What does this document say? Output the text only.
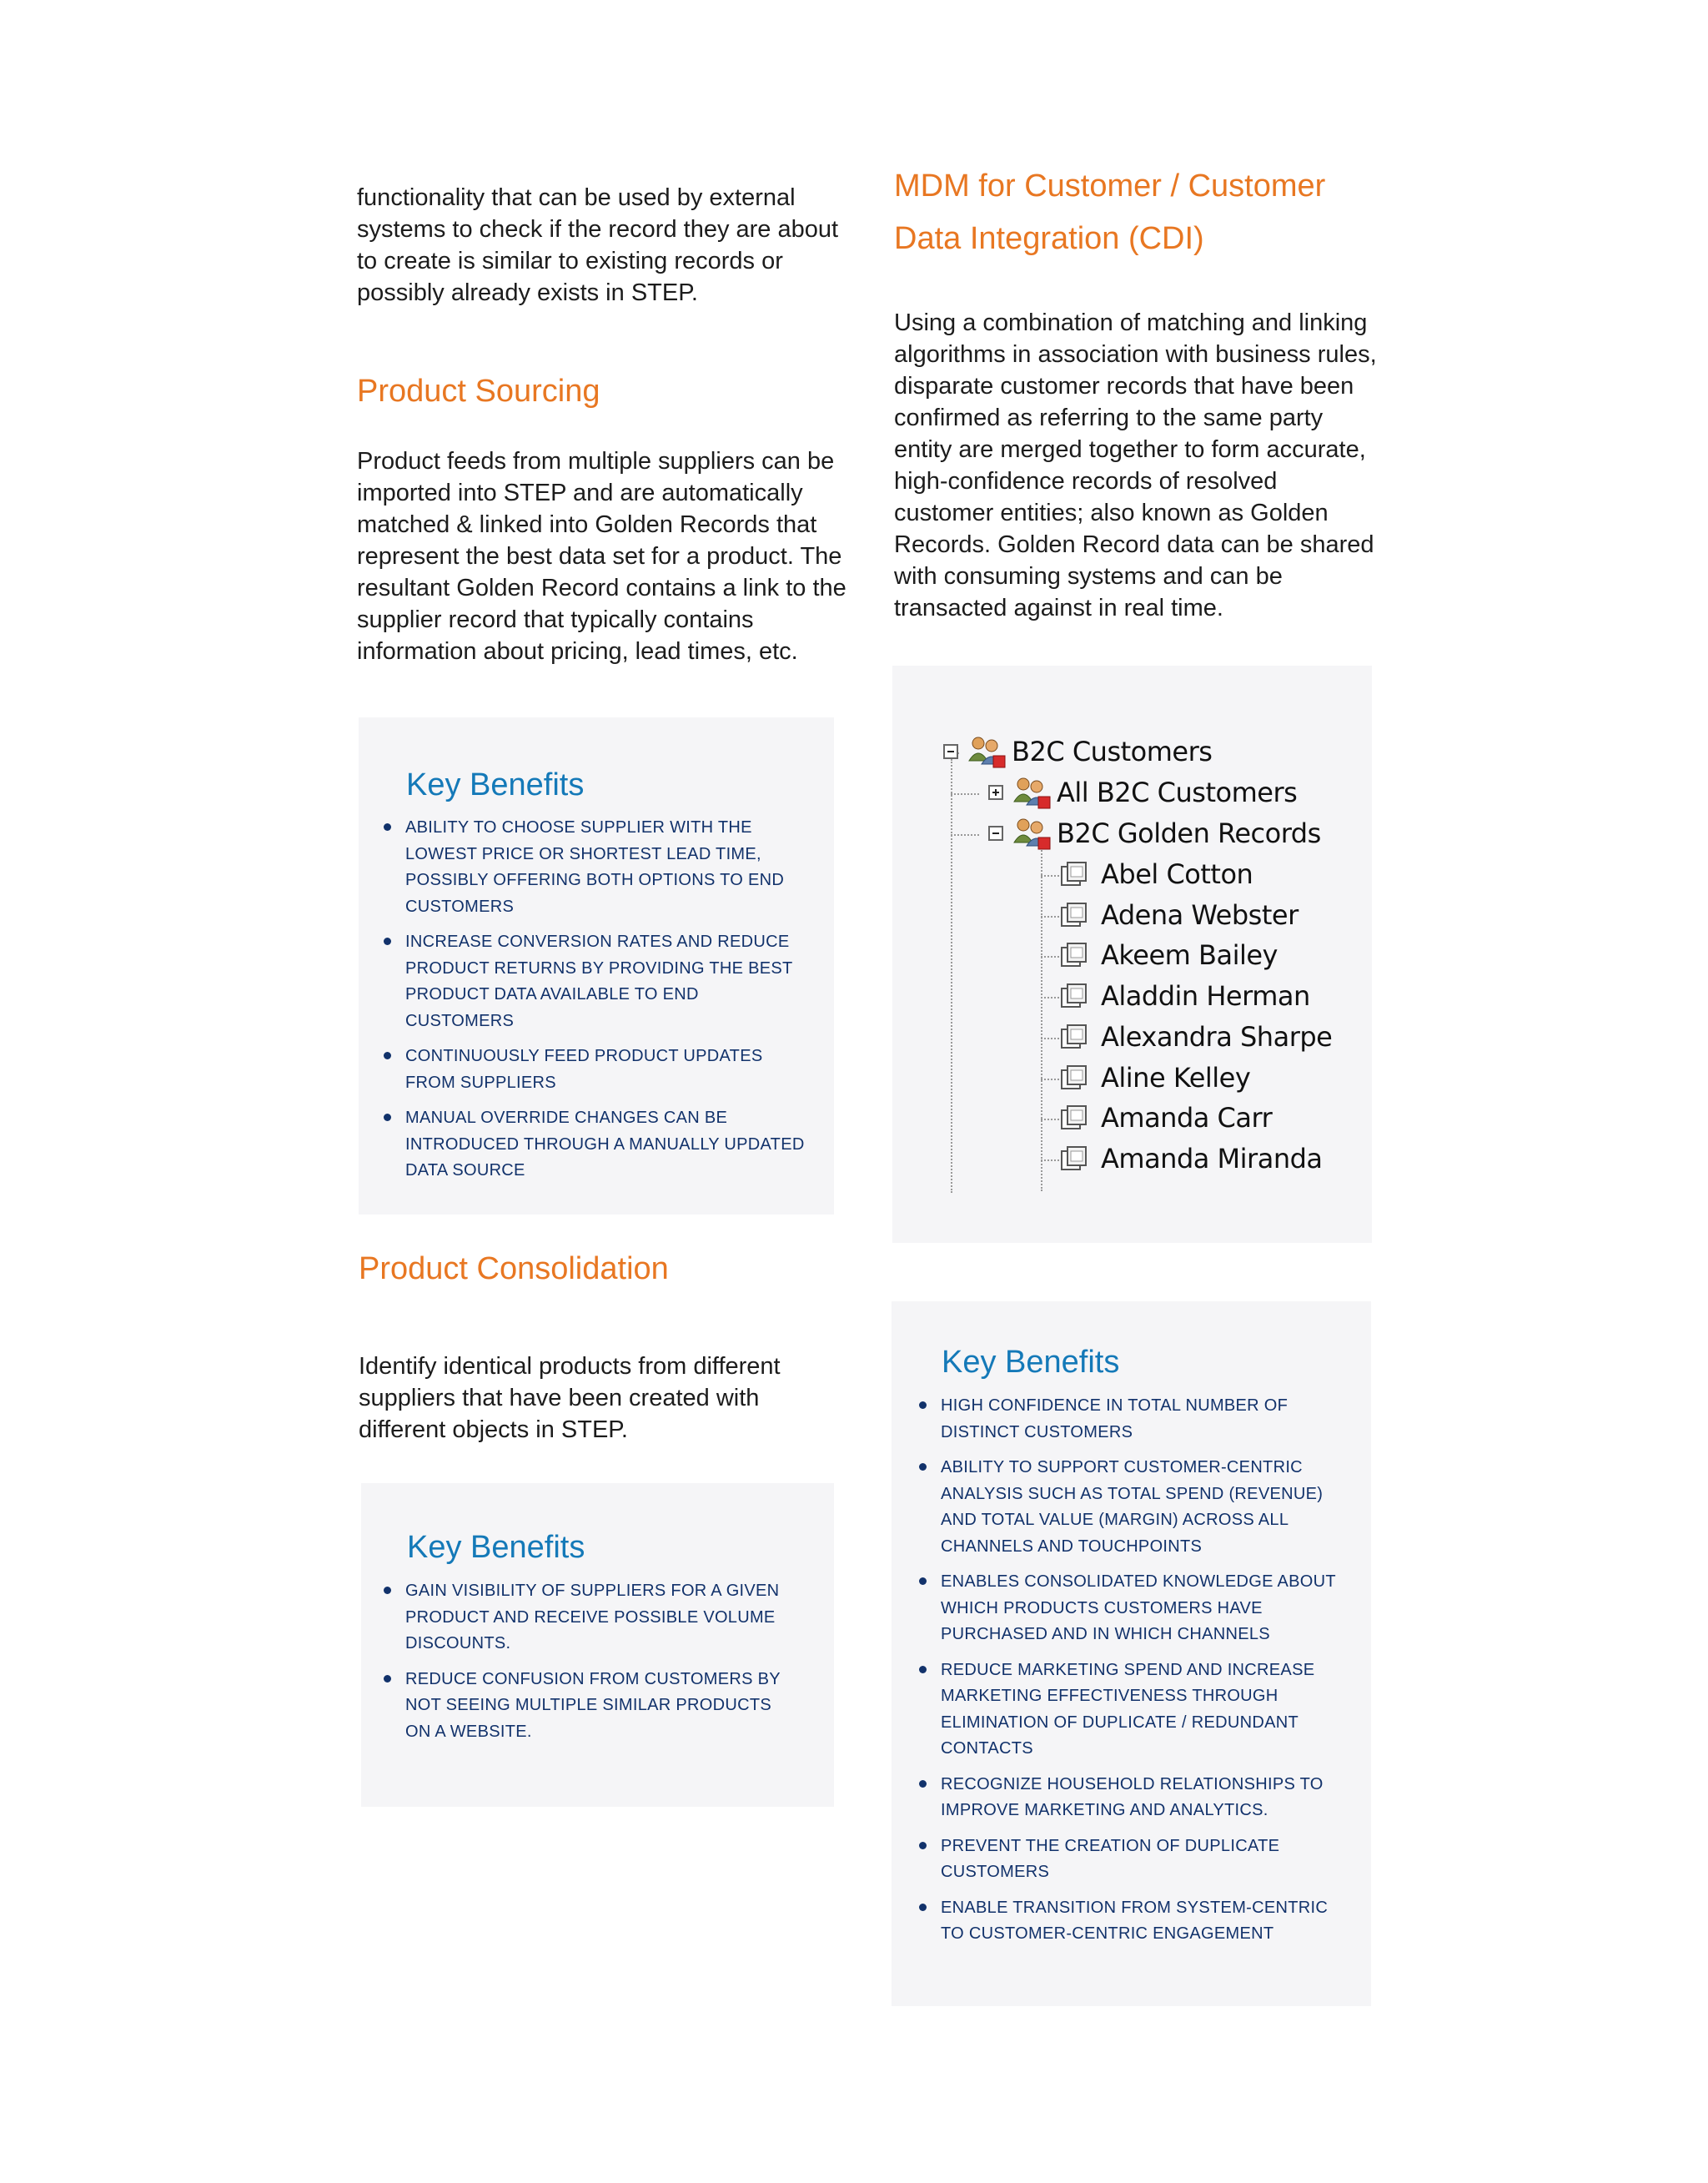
functionality that can be used by external systems to check if the record they are about to create is similar to existing records or possibly already exists in STEP.

Product Sourcing

Product feeds from multiple suppliers can be imported into STEP and are automatically matched & linked into Golden Records that represent the best data set for a product. The resultant Golden Record contains a link to the supplier record that typically contains information about pricing, lead times, etc.

Key Benefits
ABILITY TO CHOOSE SUPPLIER WITH THE LOWEST PRICE OR SHORTEST LEAD TIME, POSSIBLY OFFERING BOTH OPTIONS TO END CUSTOMERS
INCREASE CONVERSION RATES AND REDUCE PRODUCT RETURNS BY PROVIDING THE BEST PRODUCT DATA AVAILABLE TO END CUSTOMERS
CONTINUOUSLY FEED PRODUCT UPDATES FROM SUPPLIERS
MANUAL OVERRIDE CHANGES CAN BE INTRODUCED THROUGH A MANUALLY UPDATED DATA SOURCE
Product Consolidation

Identify identical products from different suppliers that have been created with different objects in STEP.

Key Benefits
GAIN VISIBILITY OF SUPPLIERS FOR A GIVEN PRODUCT AND RECEIVE POSSIBLE VOLUME DISCOUNTS.
REDUCE CONFUSION FROM CUSTOMERS BY NOT SEEING MULTIPLE SIMILAR PRODUCTS ON A WEBSITE.
MDM for Customer / Customer Data Integration (CDI)

Using a combination of matching and linking algorithms in association with business rules, disparate customer records that have been confirmed as referring to the same party entity are merged together to form accurate, high-confidence records of resolved customer entities; also known as Golden Records. Golden Record data can be shared with consuming systems and can be transacted against in real time.

B2C Customers
All B2C Customers
B2C Golden Records
Abel Cotton
Adena Webster
Akeem Bailey
Aladdin Herman
Alexandra Sharpe
Aline Kelley
Amanda Carr
Amanda Miranda
Key Benefits
HIGH CONFIDENCE IN TOTAL NUMBER OF DISTINCT CUSTOMERS
ABILITY TO SUPPORT CUSTOMER-CENTRIC ANALYSIS SUCH AS TOTAL SPEND (REVENUE) AND TOTAL VALUE (MARGIN) ACROSS ALL CHANNELS AND TOUCHPOINTS
ENABLES CONSOLIDATED KNOWLEDGE ABOUT WHICH PRODUCTS CUSTOMERS HAVE PURCHASED AND IN WHICH CHANNELS
REDUCE MARKETING SPEND AND INCREASE MARKETING EFFECTIVENESS THROUGH ELIMINATION OF DUPLICATE / REDUNDANT CONTACTS
RECOGNIZE HOUSEHOLD RELATIONSHIPS TO IMPROVE MARKETING AND ANALYTICS.
PREVENT THE CREATION OF DUPLICATE CUSTOMERS
ENABLE TRANSITION FROM SYSTEM-CENTRIC TO CUSTOMER-CENTRIC ENGAGEMENT
